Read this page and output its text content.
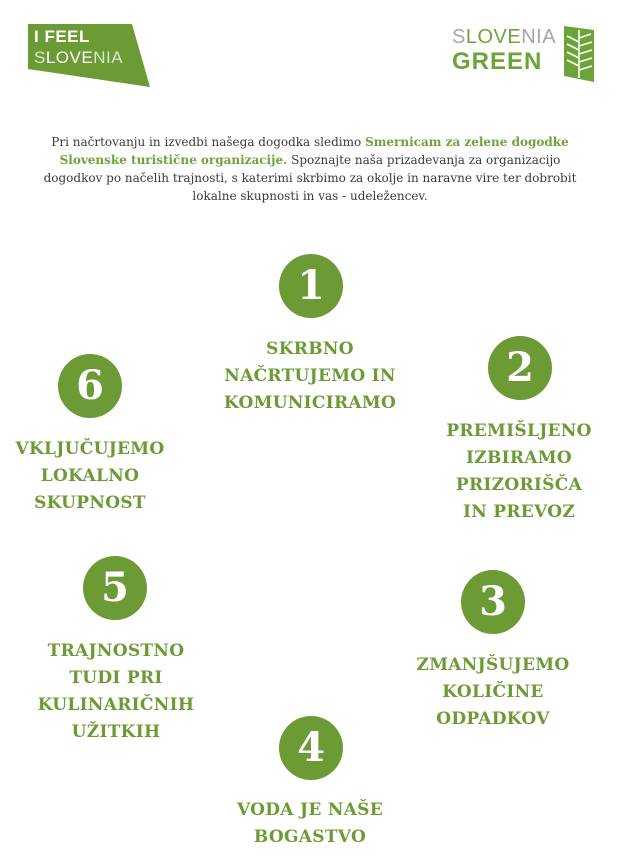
I FEEL
SLOVENIA
SLOVENIA
GREEN
Pri načrtovanju in izvedbi našega dogodka sledimo Smernicam za zelene dogodke Slovenske turistične organizacije. Spoznajte naša prizadevanja za organizacijo dogodkov po načelih trajnosti, s katerimi skrbimo za okolje in naravne vire ter dobrobit lokalne skupnosti in vas - udeležencev.
1
SKRBNO
NAČRTUJEMO IN
KOMUNICIRAMO
2
PREMIŠLJENO
IZBIRAMO
PRIZORIŠČA
IN PREVOZ
3
ZMANJŠUJEMO
KOLIČINE
ODPADKOV
4
VODA JE NAŠE
BOGASTVO
5
TRAJNOSTNO
TUDI PRI
KULINARIČNIH
UŽITKIH
6
VKLJUČUJEMO
LOKALNO
SKUPNOST
